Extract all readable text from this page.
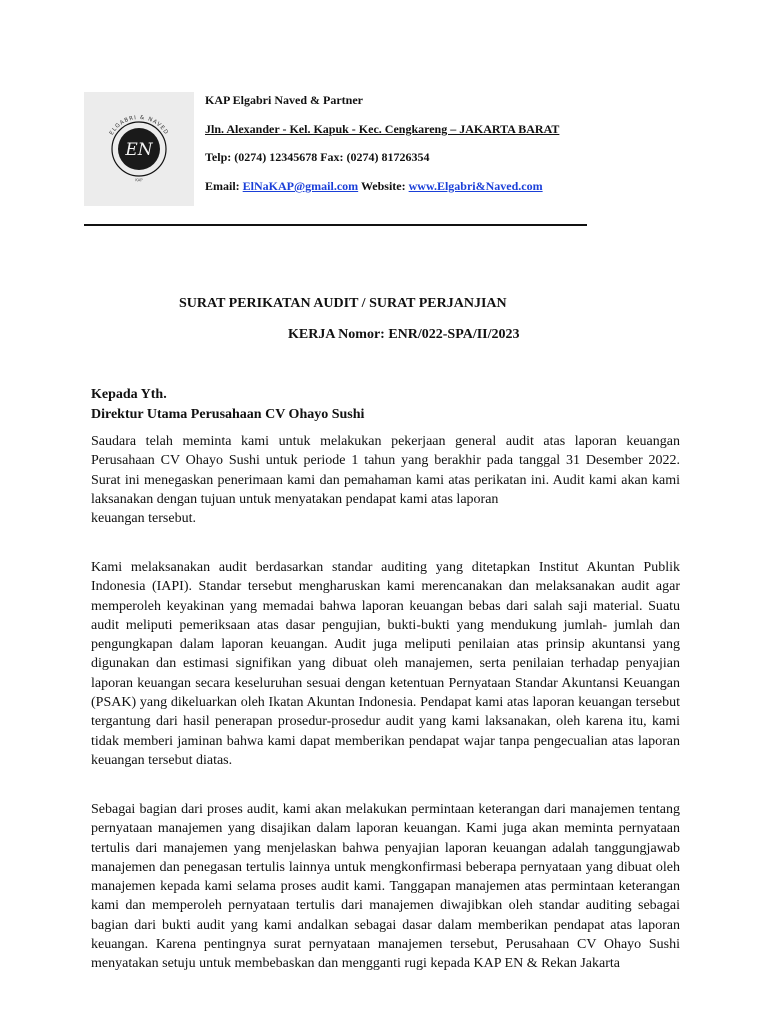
ELGABRI & NAVED
KAP
EN
KAP Elgabri Naved & Partner
Jln. Alexander - Kel. Kapuk - Kec. Cengkareng – JAKARTA BARAT
Telp: (0274) 12345678 Fax: (0274) 81726354
Email: ElNaKAP@gmail.com Website: www.Elgabri&Naved.com
SURAT PERIKATAN AUDIT / SURAT PERJANJIAN
KERJA Nomor: ENR/022-SPA/II/2023
Kepada Yth.
Direktur Utama Perusahaan CV Ohayo Sushi

Saudara telah meminta kami untuk melakukan pekerjaan general audit atas laporan keuangan Perusahaan CV Ohayo Sushi untuk periode 1 tahun yang berakhir pada tanggal 31 Desember 2022. Surat ini menegaskan penerimaan kami dan pemahaman kami atas perikatan ini. Audit kami akan kami laksanakan dengan tujuan untuk menyatakan pendapat kami atas laporan
keuangan tersebut.

Kami melaksanakan audit berdasarkan standar auditing yang ditetapkan Institut Akuntan Publik Indonesia (IAPI). Standar tersebut mengharuskan kami merencanakan dan melaksanakan audit agar memperoleh keyakinan yang memadai bahwa laporan keuangan bebas dari salah saji material. Suatu audit meliputi pemeriksaan atas dasar pengujian, bukti-bukti yang mendukung jumlah- jumlah dan pengungkapan dalam laporan keuangan. Audit juga meliputi penilaian atas prinsip akuntansi yang digunakan dan estimasi signifikan yang dibuat oleh manajemen, serta penilaian terhadap penyajian laporan keuangan secara keseluruhan sesuai dengan ketentuan Pernyataan Standar Akuntansi Keuangan (PSAK) yang dikeluarkan oleh Ikatan Akuntan Indonesia. Pendapat kami atas laporan keuangan tersebut tergantung dari hasil penerapan prosedur-prosedur audit yang kami laksanakan, oleh karena itu, kami tidak memberi jaminan bahwa kami dapat memberikan pendapat wajar tanpa pengecualian atas laporan keuangan tersebut diatas.

Sebagai bagian dari proses audit, kami akan melakukan permintaan keterangan dari manajemen tentang pernyataan manajemen yang disajikan dalam laporan keuangan. Kami juga akan meminta pernyataan tertulis dari manajemen yang menjelaskan bahwa penyajian laporan keuangan adalah tanggungjawab manajemen dan penegasan tertulis lainnya untuk mengkonfirmasi beberapa pernyataan yang dibuat oleh manajemen kepada kami selama proses audit kami. Tanggapan manajemen atas permintaan keterangan kami dan memperoleh pernyataan tertulis dari manajemen diwajibkan oleh standar auditing sebagai bagian dari bukti audit yang kami andalkan sebagai dasar dalam memberikan pendapat atas laporan keuangan. Karena pentingnya surat pernyataan manajemen tersebut, Perusahaan CV Ohayo Sushi menyatakan setuju untuk membebaskan dan mengganti rugi kepada KAP EN & Rekan Jakarta
